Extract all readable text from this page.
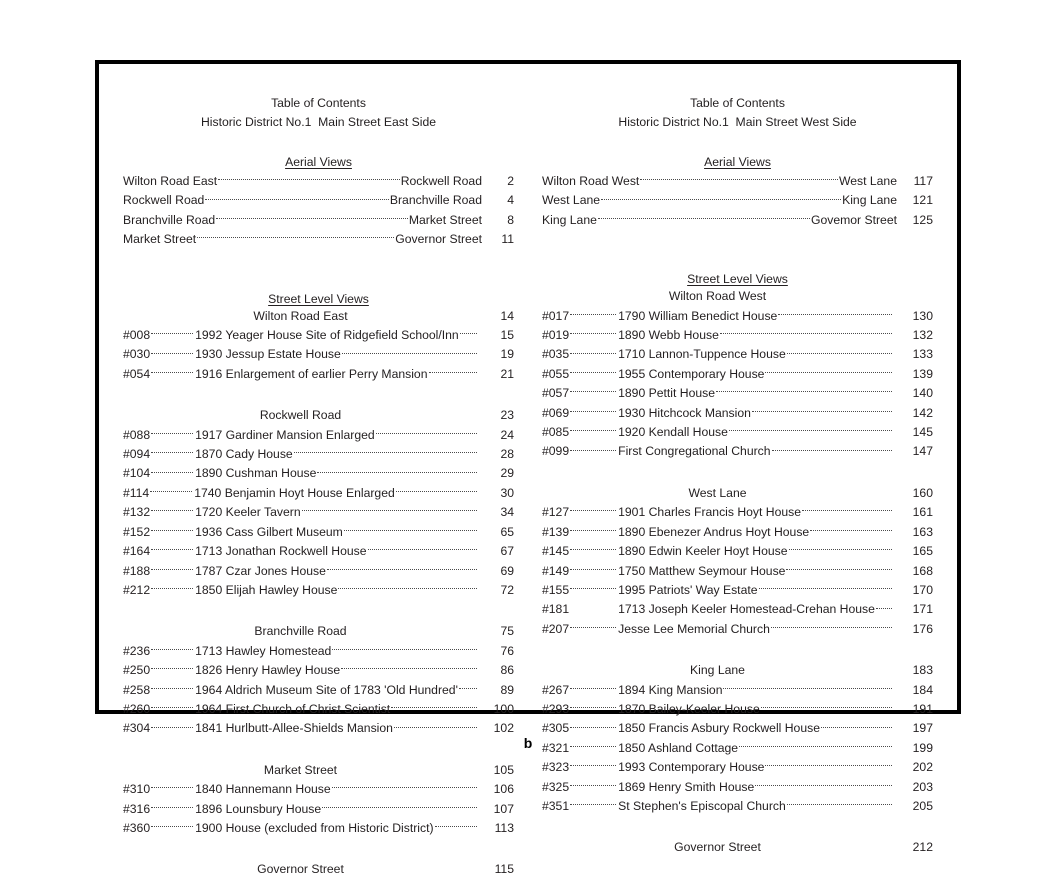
Table of Contents
Historic District No.1  Main Street East Side
Aerial Views
Wilton Road East	Rockwell Road	2
Rockwell Road	Branchville Road	4
Branchville Road	Market Street	8
Market Street	Governor Street	11
Street Level Views
Wilton Road East	14
#008	1992 Yeager House Site of Ridgefield School/Inn	15
#030	1930 Jessup Estate House	19
#054	1916 Enlargement of earlier Perry Mansion	21
Rockwell Road	23
#088	1917 Gardiner Mansion Enlarged	24
#094	1870 Cady House	28
#104	1890 Cushman House	29
#114	1740 Benjamin Hoyt House Enlarged	30
#132	1720 Keeler Tavern	34
#152	1936 Cass Gilbert Museum	65
#164	1713 Jonathan Rockwell House	67
#188	1787 Czar Jones House	69
#212	1850 Elijah Hawley House	72
Branchville Road	75
#236	1713 Hawley Homestead	76
#250	1826 Henry Hawley House	86
#258	1964 Aldrich Museum Site of 1783 'Old Hundred'	89
#260	1964 First Church of Christ Scientist	100
#304	1841 Hurlbutt-Allee-Shields Mansion	102
Market Street	105
#310	1840 Hannemann House	106
#316	1896 Lounsbury House	107
#360	1900 House (excluded from Historic District)	113
Governor Street	115
Table of Contents
Historic District No.1  Main Street West Side
Aerial Views
Wilton Road West	West Lane	117
West Lane	King Lane	121
King Lane	Govemor Street	125
Street Level Views
Wilton Road West
#017	1790 William Benedict House	130
#019	1890 Webb House	132
#035	1710 Lannon-Tuppence House	133
#055	1955 Contemporary House	139
#057	1890 Pettit House	140
#069	1930 Hitchcock Mansion	142
#085	1920 Kendall House	145
#099	First Congregational Church	147
West Lane	160
#127	1901 Charles Francis Hoyt House	161
#139	1890 Ebenezer Andrus Hoyt House	163
#145	1890 Edwin Keeler Hoyt House	165
#149	1750 Matthew Seymour House	168
#155	1995 Patriots' Way Estate	170
#181	1713 Joseph Keeler Homestead-Crehan House	171
#207	Jesse Lee Memorial Church	176
King Lane	183
#267	1894 King Mansion	184
#293	1870 Bailey-Keeler House	191
#305	1850 Francis Asbury Rockwell House	197
#321	1850 Ashland Cottage	199
#323	1993 Contemporary House	202
#325	1869 Henry Smith House	203
#351	St Stephen's Episcopal Church	205
Governor Street	212
b
